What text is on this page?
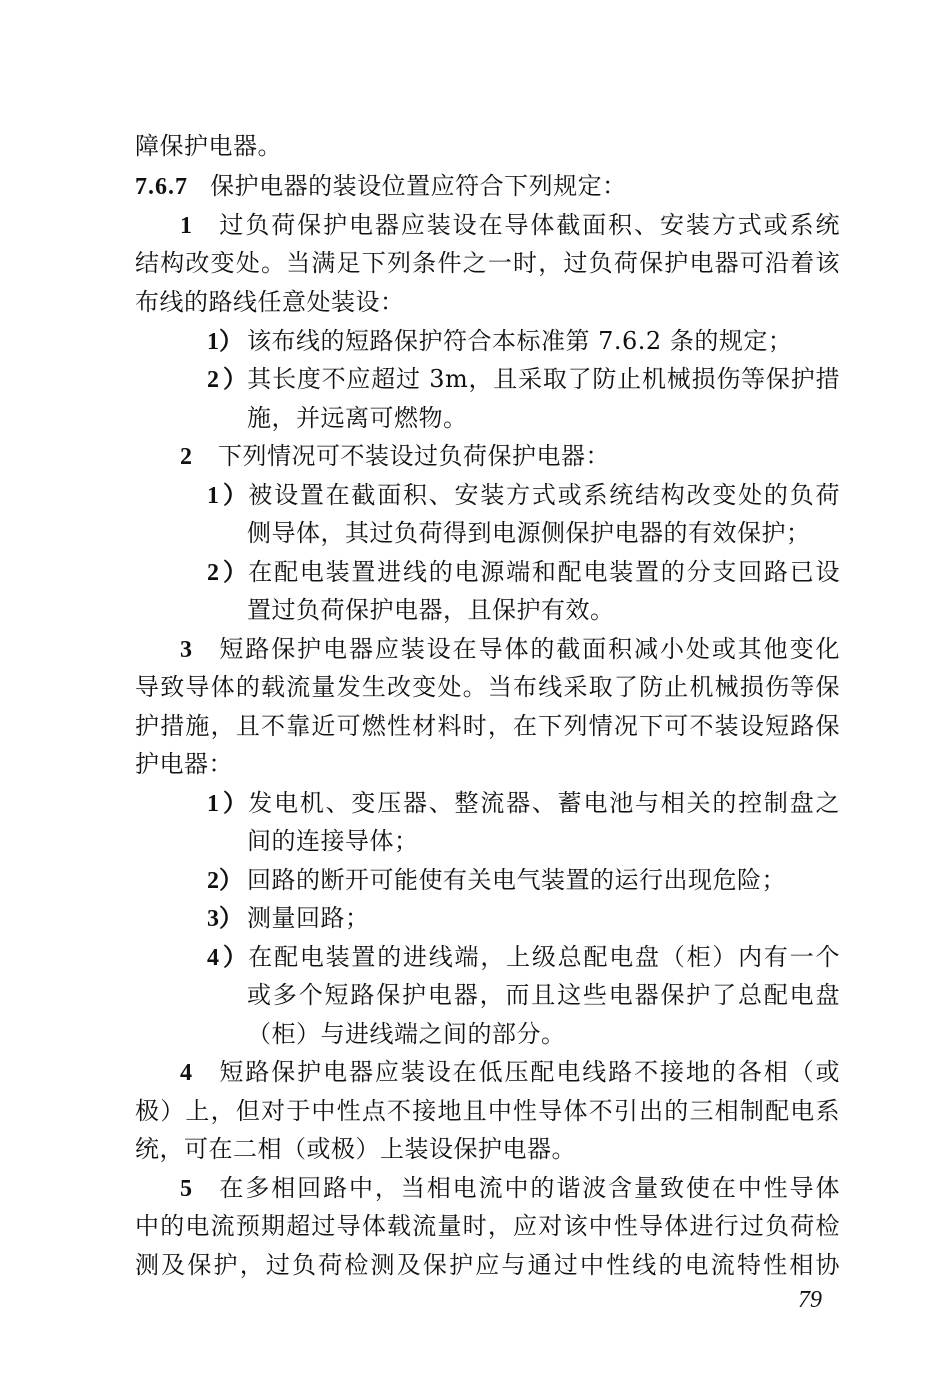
障保护电器。
7.6.7 保护电器的装设位置应符合下列规定：
1 过负荷保护电器应装设在导体截面积、安装方式或系统
结构改变处。当满足下列条件之一时，过负荷保护电器可沿着该
布线的路线任意处装设：
1） 该布线的短路保护符合本标准第 7.6.2 条的规定；
2）其长度不应超过 3m，且采取了防止机械损伤等保护措
施，并远离可燃物。
2 下列情况可不装设过负荷保护电器：
1）被设置在截面积、安装方式或系统结构改变处的负荷
侧导体，其过负荷得到电源侧保护电器的有效保护；
2）在配电装置进线的电源端和配电装置的分支回路已设
置过负荷保护电器，且保护有效。
3 短路保护电器应装设在导体的截面积减小处或其他变化
导致导体的载流量发生改变处。当布线采取了防止机械损伤等保
护措施，且不靠近可燃性材料时，在下列情况下可不装设短路保
护电器：
1）发电机、变压器、整流器、蓄电池与相关的控制盘之
间的连接导体；
2） 回路的断开可能使有关电气装置的运行出现危险；
3） 测量回路；
4）在配电装置的进线端，上级总配电盘（柜）内有一个
或多个短路保护电器，而且这些电器保护了总配电盘
（柜）与进线端之间的部分。
4 短路保护电器应装设在低压配电线路不接地的各相（或
极）上，但对于中性点不接地且中性导体不引出的三相制配电系
统，可在二相（或极）上装设保护电器。
5 在多相回路中，当相电流中的谐波含量致使在中性导体
中的电流预期超过导体载流量时，应对该中性导体进行过负荷检
测及保护，过负荷检测及保护应与通过中性线的电流特性相协
79
